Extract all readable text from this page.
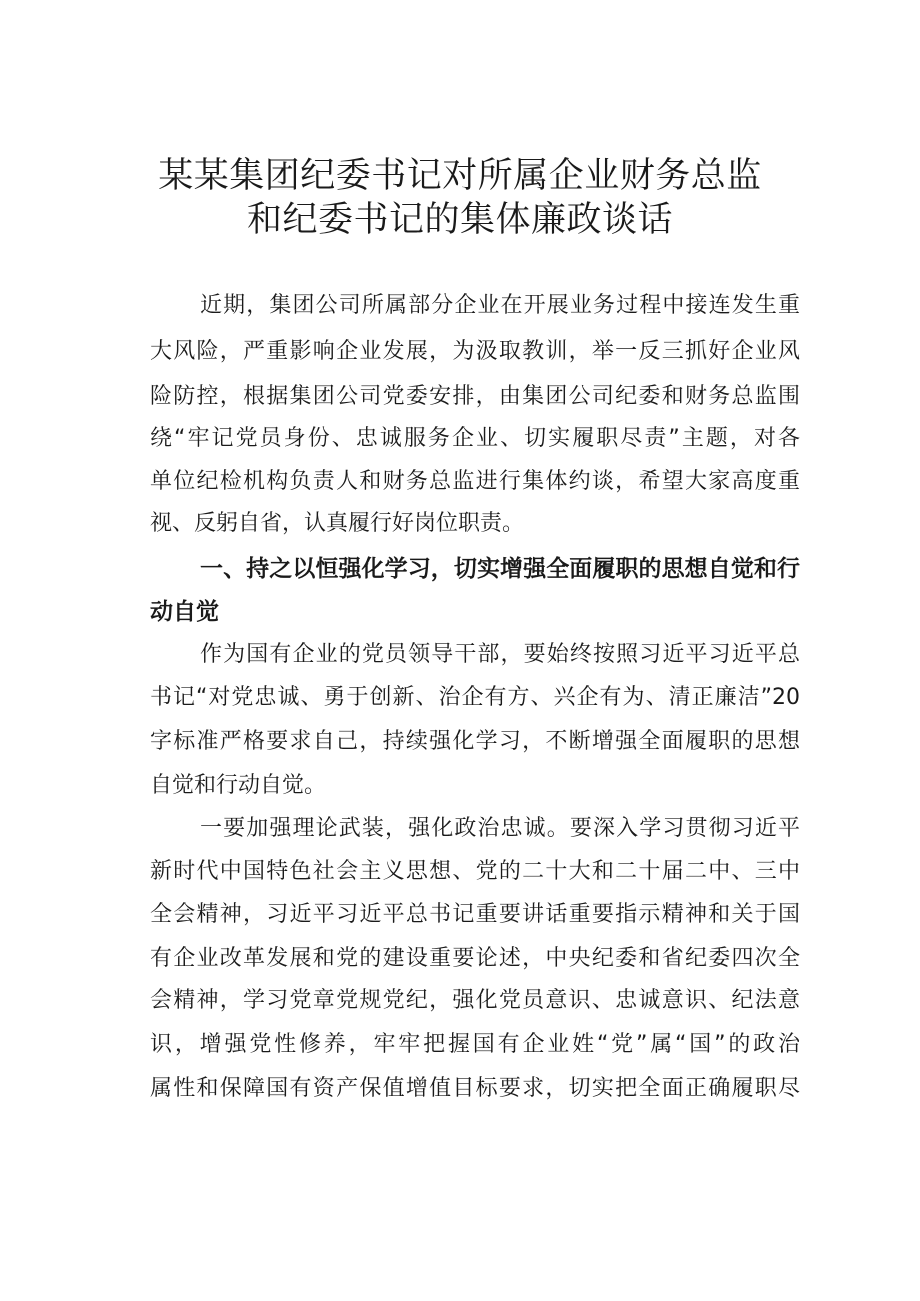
某某集团纪委书记对所属企业财务总监
和纪委书记的集体廉政谈话
近期，集团公司所属部分企业在开展业务过程中接连发生重
大风险，严重影响企业发展，为汲取教训，举一反三抓好企业风
险防控，根据集团公司党委安排，由集团公司纪委和财务总监围
绕“牢记党员身份、忠诚服务企业、切实履职尽责”主题，对各
单位纪检机构负责人和财务总监进行集体约谈，希望大家高度重
视、反躬自省，认真履行好岗位职责。
一、持之以恒强化学习，切实增强全面履职的思想自觉和行
动自觉
作为国有企业的党员领导干部，要始终按照习近平习近平总
书记“对党忠诚、勇于创新、治企有方、兴企有为、清正廉洁”20
字标准严格要求自己，持续强化学习，不断增强全面履职的思想
自觉和行动自觉。
一要加强理论武装，强化政治忠诚。要深入学习贯彻习近平
新时代中国特色社会主义思想、党的二十大和二十届二中、三中
全会精神，习近平习近平总书记重要讲话重要指示精神和关于国
有企业改革发展和党的建设重要论述，中央纪委和省纪委四次全
会精神，学习党章党规党纪，强化党员意识、忠诚意识、纪法意
识，增强党性修养，牢牢把握国有企业姓“党”属“国”的政治
属性和保障国有资产保值增值目标要求，切实把全面正确履职尽
